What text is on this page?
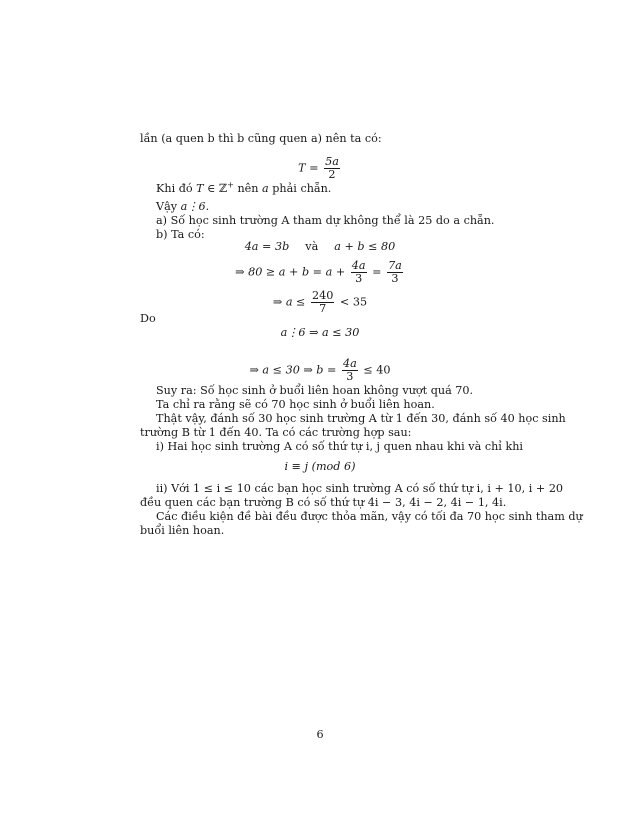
lần (a quen b thì b cũng quen a) nên ta có:
$T = \frac{5a}{2}$
Khi đó T ∈ ℤ+ nên a phải chẵn.
Vậy a⋮6.
a) Số học sinh trường A tham dự không thể là 25 do a chẵn.
b) Ta có:
4a = 3b và a + b ≤ 80
⇒ $80 \ge a + b = a + \frac{4a}{3} = \frac{7a}{3}$
⇒ $a \le \frac{240}{7} < 35$
Do
a⋮6 ⇒ a ≤ 30
⇒ a ≤ 30 ⇒ $b = \frac{4a}{3} \le 40$
Suy ra: Số học sinh ở buổi liên hoan không vượt quá 70.
Ta chỉ ra rằng sẽ có 70 học sinh ở buổi liên hoan.
Thật vậy, đánh số 30 học sinh trường A từ 1 đến 30, đánh số 40 học sinh
trường B từ 1 đến 40. Ta có các trường hợp sau:
i) Hai học sinh trường A có số thứ tự i, j quen nhau khi và chỉ khi
i ≡ j (mod 6)
ii) Với 1 ≤ i ≤ 10 các bạn học sinh trường A có số thứ tự i, i + 10, i + 20
đều quen các bạn trường B có số thứ tự 4i − 3, 4i − 2, 4i − 1, 4i.
Các điều kiện đề bài đều được thỏa mãn, vậy có tối đa 70 học sinh tham dự
buổi liên hoan.
6
